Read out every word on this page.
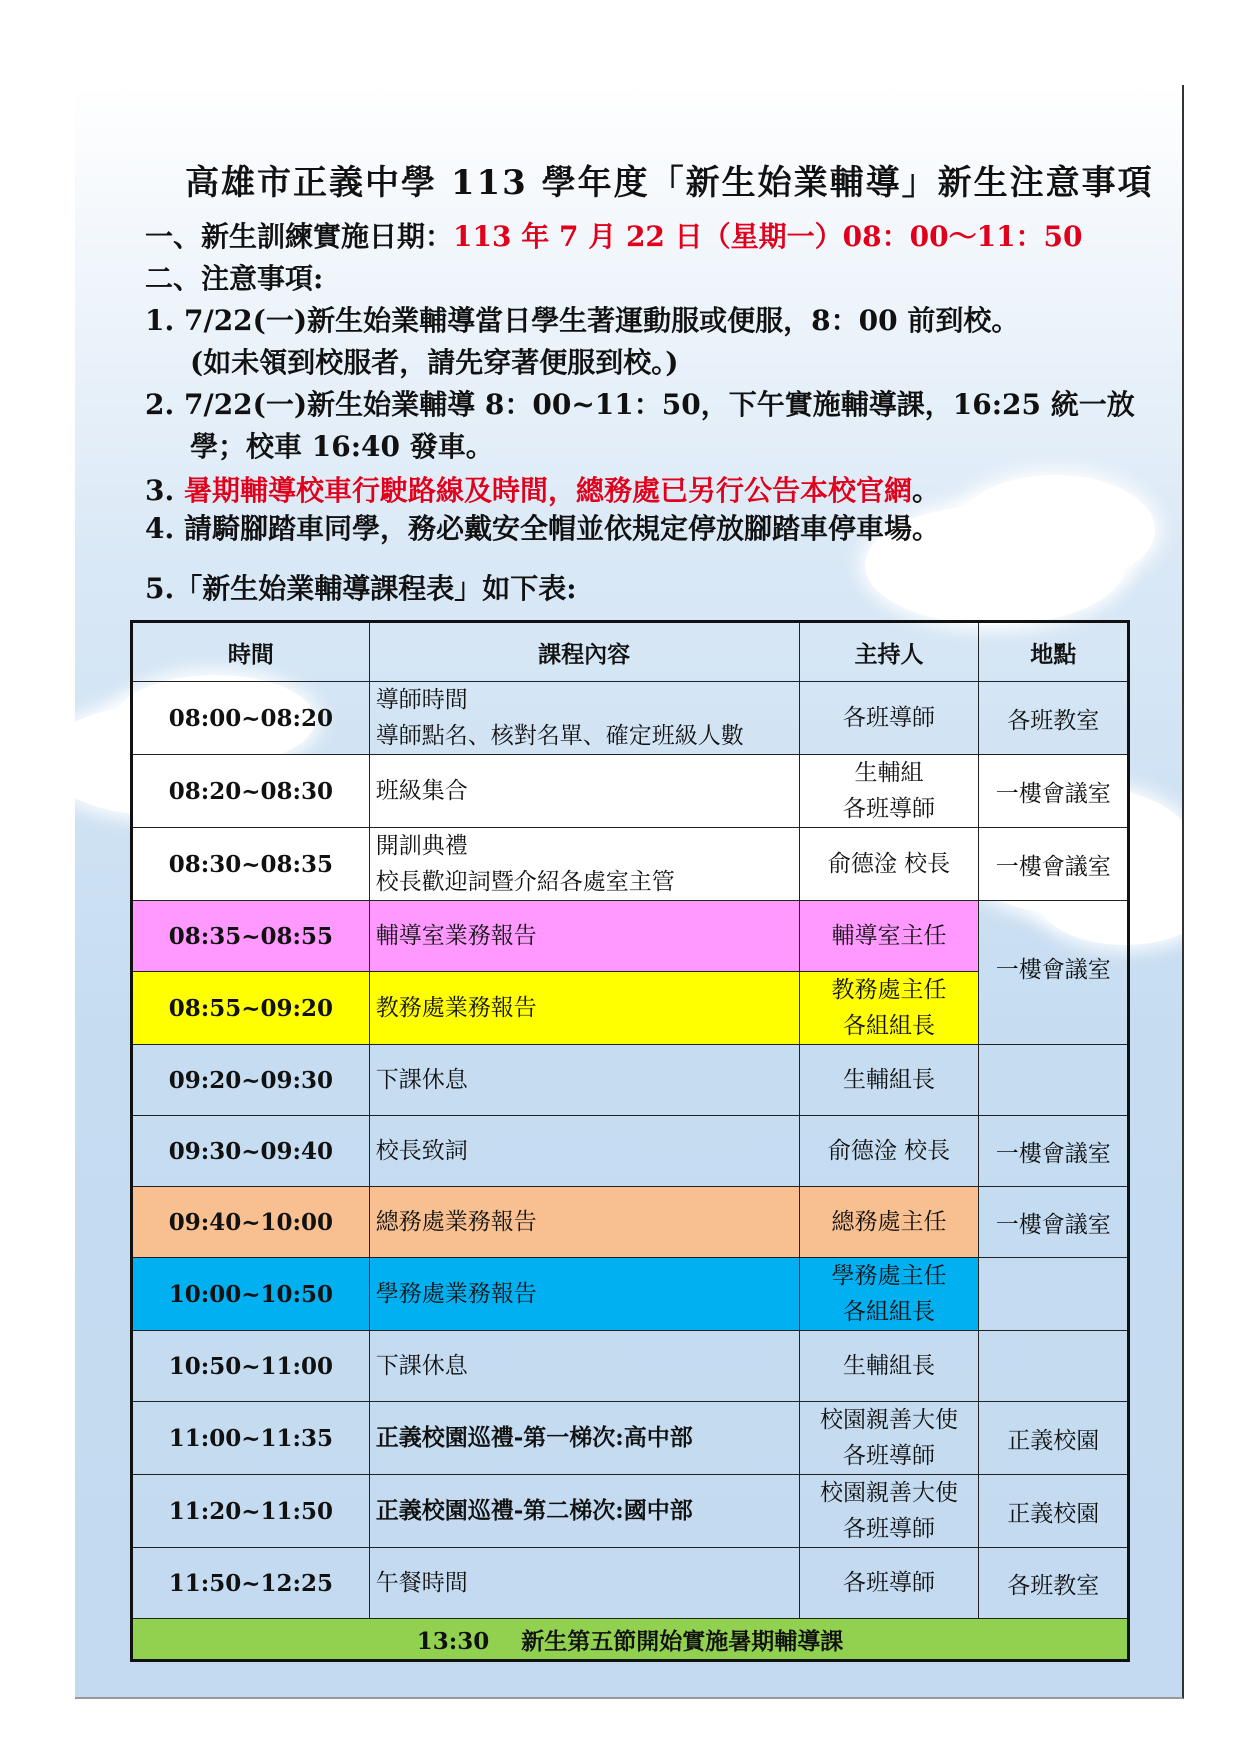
高雄市正義中學 113 學年度「新生始業輔導」新生注意事項
一、新生訓練實施日期：113 年 7 月 22 日（星期一）08：00～11：50
二、注意事項:
1. 7/22(一)新生始業輔導當日學生著運動服或便服，8：00 前到校。
(如未領到校服者，請先穿著便服到校。)
2. 7/22(一)新生始業輔導 8：00~11：50，下午實施輔導課，16:25 統一放
學；校車 16:40 發車。
3. 暑期輔導校車行駛路線及時間，總務處已另行公告本校官網。
4. 請騎腳踏車同學，務必戴安全帽並依規定停放腳踏車停車場。
5.「新生始業輔導課程表」如下表:
時間	課程內容	主持人	地點
08:00~08:20	導師時間
導師點名、核對名單、確定班級人數	各班導師	各班教室
08:20~08:30	班級集合	生輔組
各班導師	一樓會議室
08:30~08:35	開訓典禮
校長歡迎詞暨介紹各處室主管	俞德淦 校長	一樓會議室
08:35~08:55	輔導室業務報告	輔導室主任	一樓會議室
08:55~09:20	教務處業務報告	教務處主任
各組組長	

09:20~09:30	下課休息	生輔組長	
09:30~09:40	校長致詞	俞德淦 校長	一樓會議室
09:40~10:00	總務處業務報告	總務處主任	一樓會議室
10:00~10:50	學務處業務報告	學務處主任
各組組長	

10:50~11:00	下課休息	生輔組長	
11:00~11:35	正義校園巡禮-第一梯次:高中部	校園親善大使
各班導師	正義校園
11:20~11:50	正義校園巡禮-第二梯次:國中部	校園親善大使
各班導師	正義校園
11:50~12:25	午餐時間	各班導師	各班教室
13:30    新生第五節開始實施暑期輔導課			
